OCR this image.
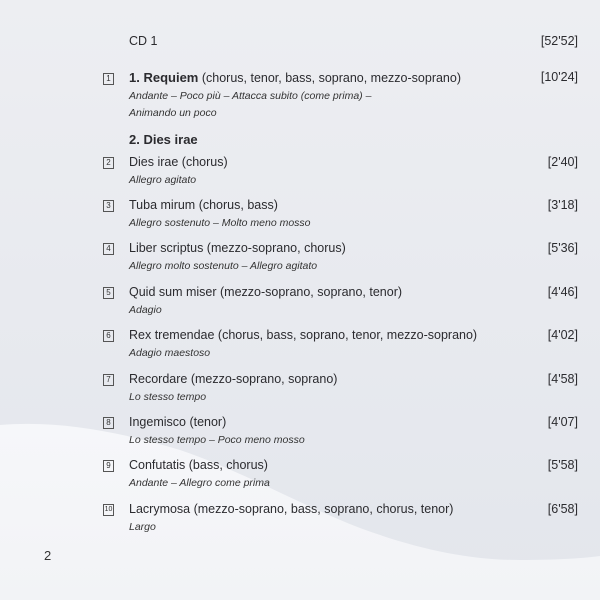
CD 1	[52'52]
1 1. Requiem (chorus, tenor, bass, soprano, mezzo-soprano)	[10'24]
Andante – Poco più – Attacca subito (come prima) –
Animando un poco
2. Dies irae
2 Dies irae (chorus)	[2'40]
Allegro agitato
3 Tuba mirum (chorus, bass)	[3'18]
Allegro sostenuto – Molto meno mosso
4 Liber scriptus (mezzo-soprano, chorus)	[5'36]
Allegro molto sostenuto – Allegro agitato
5 Quid sum miser (mezzo-soprano, soprano, tenor)	[4'46]
Adagio
6 Rex tremendae (chorus, bass, soprano, tenor, mezzo-soprano)	[4'02]
Adagio maestoso
7 Recordare (mezzo-soprano, soprano)	[4'58]
Lo stesso tempo
8 Ingemisco (tenor)	[4'07]
Lo stesso tempo – Poco meno mosso
9 Confutatis (bass, chorus)	[5'58]
Andante – Allegro come prima
10 Lacrymosa (mezzo-soprano, bass, soprano, chorus, tenor)	[6'58]
Largo
2
